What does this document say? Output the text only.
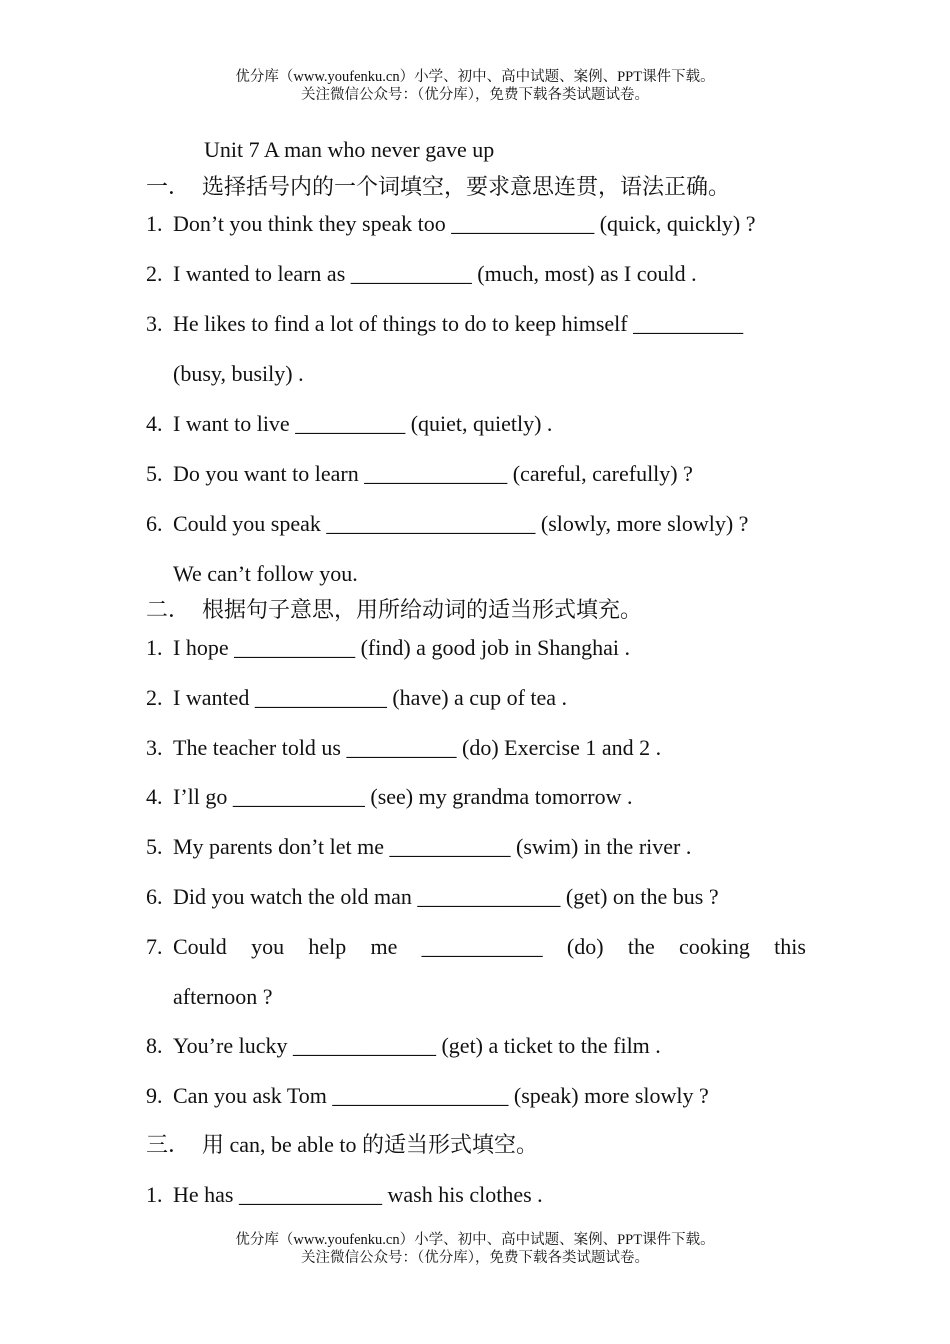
优分库（www.youfenku.cn）小学、初中、高中试题、案例、PPT课件下载。
关注微信公众号：（优分库），免费下载各类试题试卷。
Unit 7 A man who never gave up
一． 选择括号内的一个词填空，要求意思连贯，语法正确。
1. Don’t you think they speak too _____________ (quick, quickly) ?
2. I wanted to learn as ___________ (much, most) as I could .
3. He likes to find a lot of things to do to keep himself __________
(busy, busily) .
4. I want to live __________ (quiet, quietly) .
5. Do you want to learn _____________ (careful, carefully) ?
6. Could you speak ___________________ (slowly, more slowly) ?
We can’t follow you.
二． 根据句子意思，用所给动词的适当形式填充。
1. I hope ___________ (find) a good job in Shanghai .
2. I wanted ____________ (have) a cup of tea .
3. The teacher told us __________ (do) Exercise 1 and 2 .
4. I’ll go ____________ (see) my grandma tomorrow .
5. My parents don’t let me ___________ (swim) in the river .
6. Did you watch the old man _____________ (get) on the bus ?
7. Could you help me ___________ (do) the cooking this
afternoon ?
8. You’re lucky _____________ (get) a ticket to the film .
9. Can you ask Tom ________________ (speak) more slowly ?
三． 用 can, be able to 的适当形式填空。
1. He has _____________ wash his clothes .
优分库（www.youfenku.cn）小学、初中、高中试题、案例、PPT课件下载。
关注微信公众号：（优分库），免费下载各类试题试卷。
